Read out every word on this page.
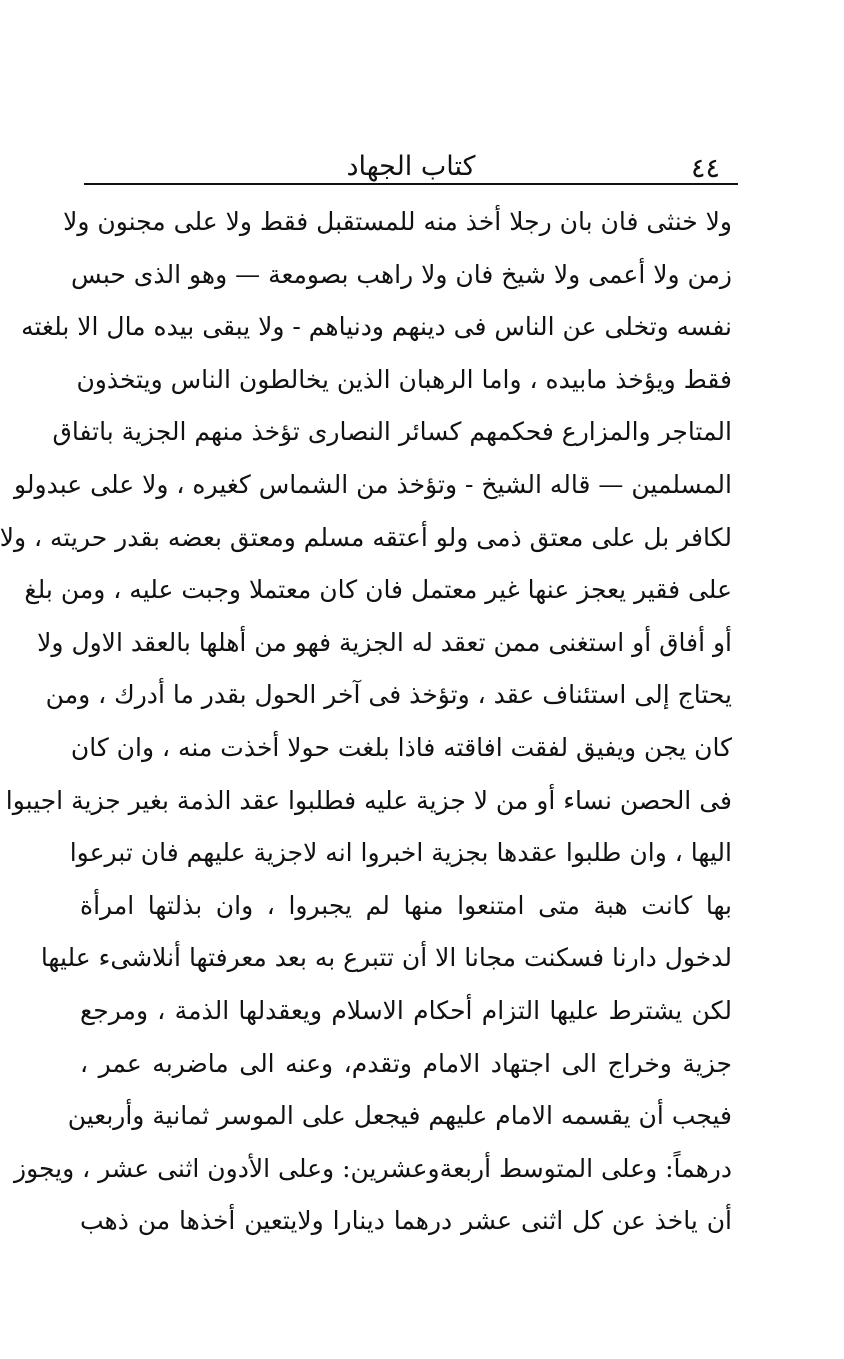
٤٤
كتاب الجهاد
ولا خنثى فان بان رجلا أخذ منه للمستقبل فقط ولا على مجنون ولا
زمن ولا أعمى ولا شيخ فان ولا راهب بصومعة — وهو الذى حبس
نفسه وتخلى عن الناس فى دينهم ودنياهم - ولا يبقى بيده مال الا بلغته
فقط ويؤخذ مابيده ، واما الرهبان الذين يخالطون الناس ويتخذون
المتاجر والمزارع فحكمهم كسائر النصارى تؤخذ منهم الجزية باتفاق
المسلمين — قاله الشيخ - وتؤخذ من الشماس كغيره ، ولا على عبدولو
لكافر بل على معتق ذمى ولو أعتقه مسلم ومعتق بعضه بقدر حريته ، ولا
على فقير يعجز عنها غير معتمل فان كان معتملا وجبت عليه ، ومن بلغ
أو أفاق أو استغنى ممن تعقد له الجزية فهو من أهلها بالعقد الاول ولا
يحتاج إلى استئناف عقد ، وتؤخذ فى آخر الحول بقدر ما أدرك ، ومن
كان يجن ويفيق لفقت افاقته فاذا بلغت حولا أخذت منه ، وان كان
فى الحصن نساء أو من لا جزية عليه فطلبوا عقد الذمة بغير جزية اجيبوا
اليها ، وان طلبوا عقدها بجزية اخبروا انه لاجزية عليهم فان تبرعوا
بها كانت هبة متى امتنعوا منها لم يجبروا ، وان بذلتها امرأة
لدخول دارنا فسكنت مجانا الا أن تتبرع به بعد معرفتها أنلاشىء عليها
لكن يشترط عليها التزام أحكام الاسلام ويعقدلها الذمة ، ومرجع
جزية وخراج الى اجتهاد الامام وتقدم، وعنه الى ماضربه عمر ،
فيجب أن يقسمه الامام عليهم فيجعل على الموسر ثمانية وأربعين
درهماً: وعلى المتوسط أربعةوعشرين: وعلى الأدون اثنى عشر ، ويجوز
أن ياخذ عن كل اثنى عشر درهما دينارا ولايتعين أخذها من ذهب
